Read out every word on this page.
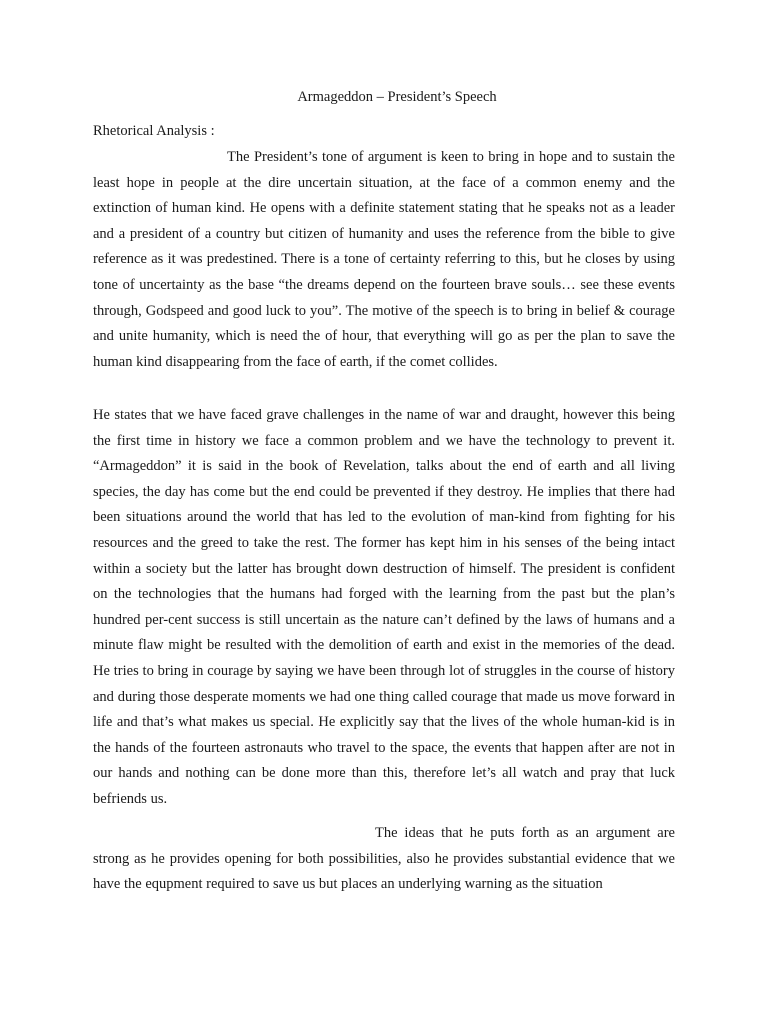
Armageddon – President’s Speech
Rhetorical Analysis :

The President’s tone of argument is keen to bring in hope and to sustain the least hope in people at the dire uncertain situation, at the face of a common enemy and the extinction of human kind. He opens with a definite statement stating that he speaks not as a leader and a president of a country but citizen of humanity and uses the reference from the bible to give reference as it was predestined. There is a tone of certainty referring to this, but he closes by using tone of uncertainty as the base “the dreams depend on the fourteen brave souls… see these events through, Godspeed and good luck to you”. The motive of the speech is to bring in belief & courage and unite humanity, which is need the of hour, that everything will go as per the plan to save the human kind disappearing from the face of earth, if the comet collides.

He states that we have faced grave challenges in the name of war and draught, however this being the first time in history we face a common problem and we have the technology to prevent it. “Armageddon” it is said in the book of Revelation, talks about the end of earth and all living species, the day has come but the end could be prevented if they destroy. He implies that there had been situations around the world that has led to the evolution of man-kind from fighting for his resources and the greed to take the rest. The former has kept him in his senses of the being intact within a society but the latter has brought down destruction of himself. The president is confident on the technologies that the humans had forged with the learning from the past but the plan’s hundred per-cent success is still uncertain as the nature can’t defined by the laws of humans and a minute flaw might be resulted with the demolition of earth and exist in the memories of the dead. He tries to bring in courage by saying we have been through lot of struggles in the course of history and during those desperate moments we had one thing called courage that made us move forward in life and that’s what makes us special. He explicitly say that the lives of the whole human-kid is in the hands of the fourteen astronauts who travel to the space, the events that happen after are not in our hands and nothing can be done more than this, therefore let’s all watch and pray that luck befriends us.

The ideas that he puts forth as an argument are strong as he provides opening for both possibilities, also he provides substantial evidence that we have the equpment required to save us but places an underlying warning as the situation
